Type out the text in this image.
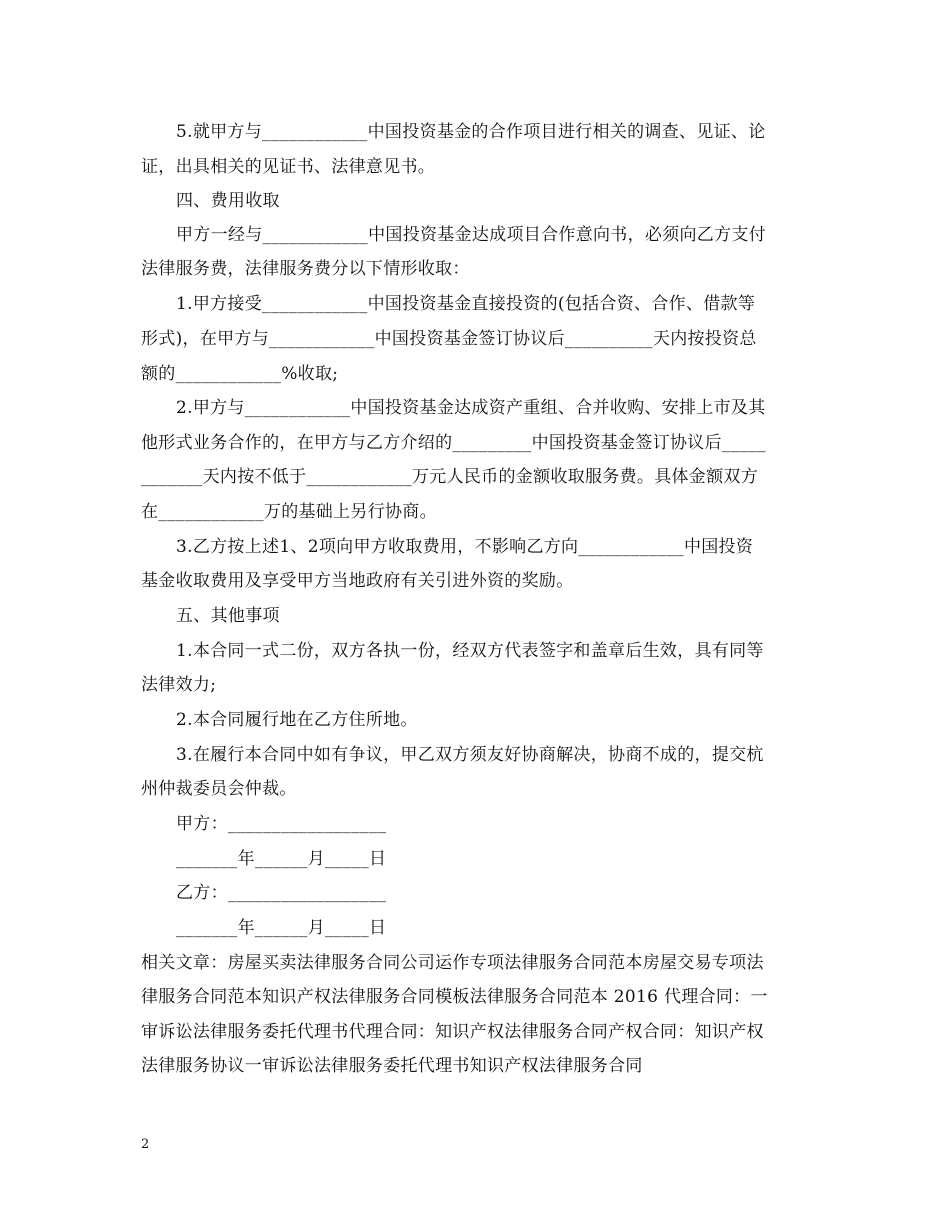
5.就甲方与____________中国投资基金的合作项目进行相关的调查、见证、论
证，出具相关的见证书、法律意见书。
四、费用收取
甲方一经与____________中国投资基金达成项目合作意向书，必须向乙方支付
法律服务费，法律服务费分以下情形收取：
1.甲方接受____________中国投资基金直接投资的(包括合资、合作、借款等
形式)，在甲方与____________中国投资基金签订协议后__________天内按投资总
额的____________%收取;
2.甲方与____________中国投资基金达成资产重组、合并收购、安排上市及其
他形式业务合作的，在甲方与乙方介绍的_________中国投资基金签订协议后_____
_______天内按不低于____________万元人民币的金额收取服务费。具体金额双方
在____________万的基础上另行协商。
3.乙方按上述1、2项向甲方收取费用，不影响乙方向____________中国投资
基金收取费用及享受甲方当地政府有关引进外资的奖励。
五、其他事项
1.本合同一式二份，双方各执一份，经双方代表签字和盖章后生效，具有同等
法律效力;
2.本合同履行地在乙方住所地。
3.在履行本合同中如有争议，甲乙双方须友好协商解决，协商不成的，提交杭
州仲裁委员会仲裁。
甲方：__________________
_______年______月_____日
乙方：__________________
_______年______月_____日
相关文章：房屋买卖法律服务合同公司运作专项法律服务合同范本房屋交易专项法
律服务合同范本知识产权法律服务合同模板法律服务合同范本 2016 代理合同：一
审诉讼法律服务委托代理书代理合同：知识产权法律服务合同产权合同：知识产权
法律服务协议一审诉讼法律服务委托代理书知识产权法律服务合同
2
